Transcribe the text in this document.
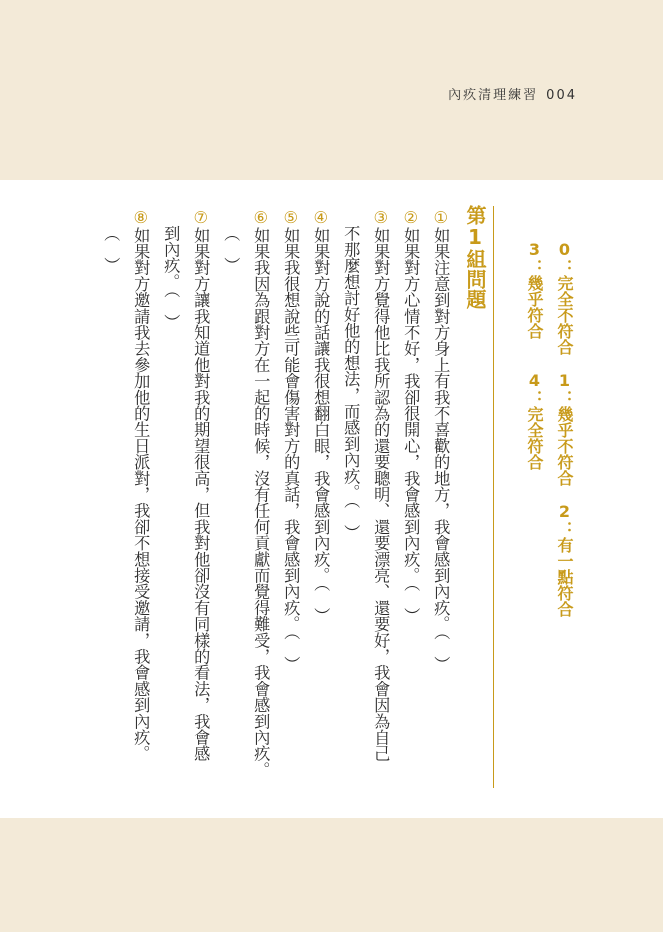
內疚清理練習 004
0：完全不符合　1：幾乎不符合　2：有一點符合
3：幾乎符合　　4：完全符合
第1組問題
①如果注意到對方身上有我不喜歡的地方，我會感到內疚。（　）
②如果對方心情不好，我卻很開心，我會感到內疚。（　）
③如果對方覺得他比我所認為的還要聰明、還要漂亮、還要好，我會因為自己
不那麼想討好他的想法，而感到內疚。（　）
④如果對方說的話讓我很想翻白眼，我會感到內疚。（　）
⑤如果我很想說些可能會傷害對方的真話，我會感到內疚。（　）
⑥如果我因為跟對方在一起的時候，沒有任何貢獻而覺得難受，我會感到內疚。
（　）
⑦如果對方讓我知道他對我的期望很高，但我對他卻沒有同樣的看法，我會感
到內疚。（　）
⑧如果對方邀請我去參加他的生日派對，我卻不想接受邀請，我會感到內疚。
（　）
